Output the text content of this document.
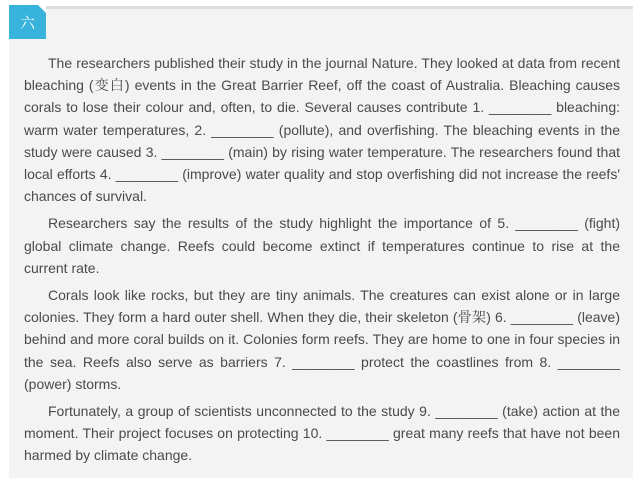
六

The researchers published their study in the journal Nature. They looked at data from recent bleaching (变白) events in the Great Barrier Reef, off the coast of Australia. Bleaching causes corals to lose their colour and, often, to die. Several causes contribute 1. ________ bleaching: warm water temperatures, 2. ________ (pollute), and overfishing. The bleaching events in the study were caused 3. ________ (main) by rising water temperature. The researchers found that local efforts 4. ________ (improve) water quality and stop overfishing did not increase the reefs' chances of survival.

Researchers say the results of the study highlight the importance of 5. ________ (fight) global climate change. Reefs could become extinct if temperatures continue to rise at the current rate.

Corals look like rocks, but they are tiny animals. The creatures can exist alone or in large colonies. They form a hard outer shell. When they die, their skeleton (骨架) 6. ________ (leave) behind and more coral builds on it. Colonies form reefs. They are home to one in four species in the sea. Reefs also serve as barriers 7. ________ protect the coastlines from 8. ________ (power) storms.

Fortunately, a group of scientists unconnected to the study 9. ________ (take) action at the moment. Their project focuses on protecting 10. ________ great many reefs that have not been harmed by climate change.
